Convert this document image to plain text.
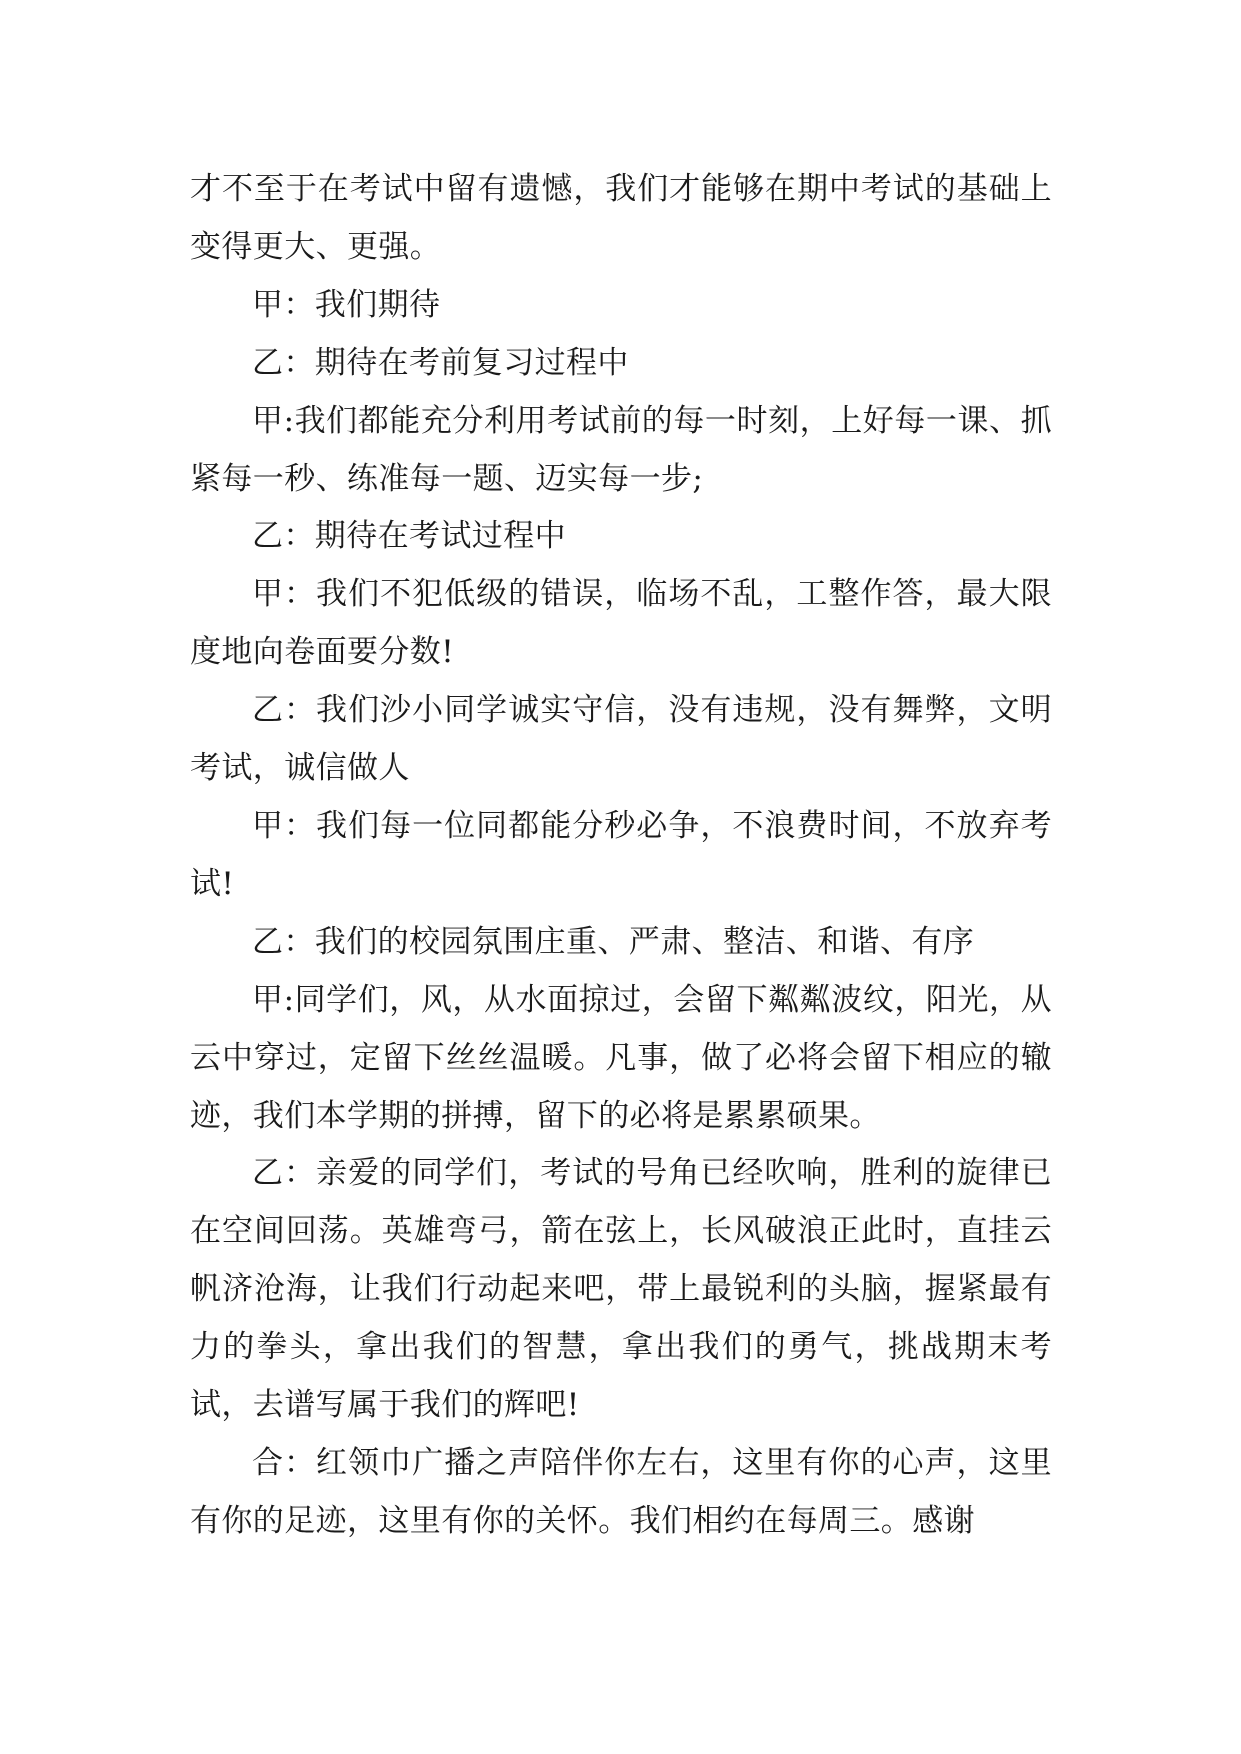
才不至于在考试中留有遗憾，我们才能够在期中考试的基础上变得更大、更强。

甲：我们期待

乙：期待在考前复习过程中

甲:我们都能充分利用考试前的每一时刻，上好每一课、抓紧每一秒、练准每一题、迈实每一步;

乙：期待在考试过程中

甲：我们不犯低级的错误，临场不乱，工整作答，最大限度地向卷面要分数!

乙：我们沙小同学诚实守信，没有违规，没有舞弊，文明考试，诚信做人

甲：我们每一位同都能分秒必争，不浪费时间，不放弃考试!

乙：我们的校园氛围庄重、严肃、整洁、和谐、有序

甲:同学们，风，从水面掠过，会留下粼粼波纹，阳光，从云中穿过，定留下丝丝温暖。凡事，做了必将会留下相应的辙迹，我们本学期的拼搏，留下的必将是累累硕果。

乙：亲爱的同学们，考试的号角已经吹响，胜利的旋律已在空间回荡。英雄弯弓，箭在弦上，长风破浪正此时，直挂云帆济沧海，让我们行动起来吧，带上最锐利的头脑，握紧最有力的拳头，拿出我们的智慧，拿出我们的勇气，挑战期末考试，去谱写属于我们的辉吧!

合：红领巾广播之声陪伴你左右，这里有你的心声，这里有你的足迹，这里有你的关怀。我们相约在每周三。感谢
